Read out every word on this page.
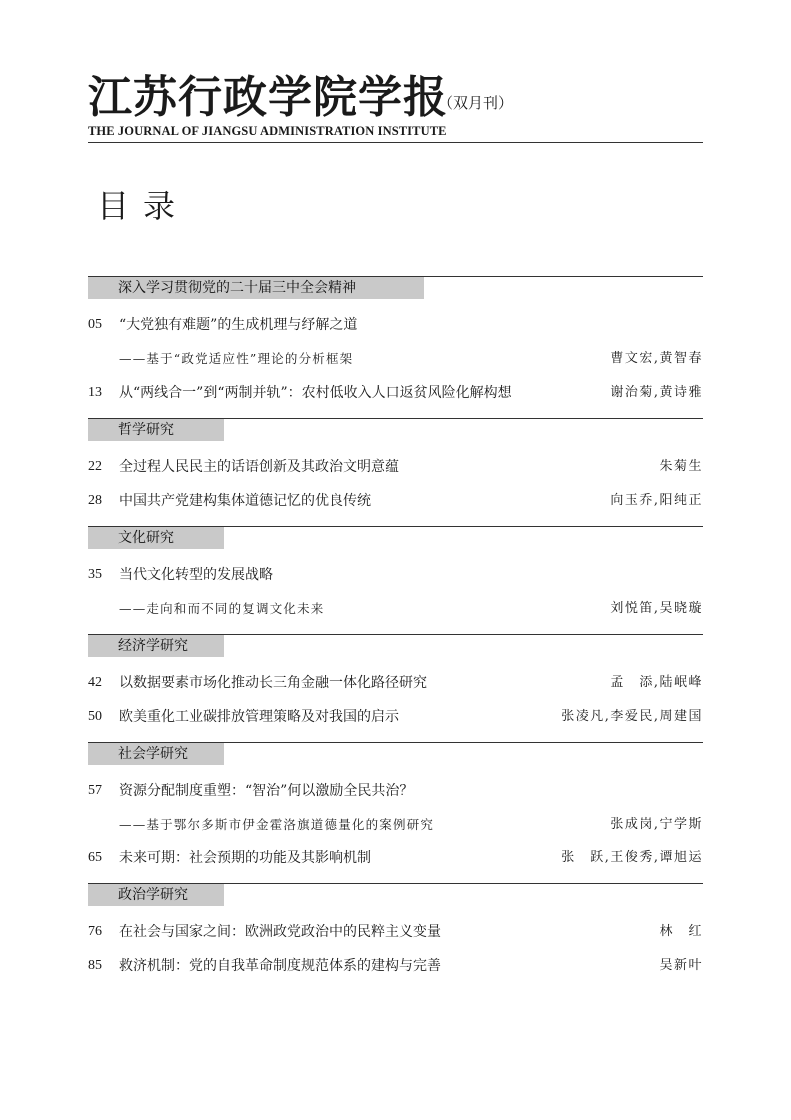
江苏行政学院学报
（双月刊）
THE JOURNAL OF JIANGSU ADMINISTRATION INSTITUTE
目录
深入学习贯彻党的二十届三中全会精神
05	“大党独有难题”的生成机理与纾解之道
——基于“政党适应性”理论的分析框架	曹文宏,黄智春
13	从“两线合一”到“两制并轨”：农村低收入人口返贫风险化解构想	谢治菊,黄诗雅
哲学研究
22	全过程人民民主的话语创新及其政治文明意蕴	朱菊生
28	中国共产党建构集体道德记忆的优良传统	向玉乔,阳纯正
文化研究
35	当代文化转型的发展战略
——走向和而不同的复调文化未来	刘悦笛,吴晓璇
经济学研究
42	以数据要素市场化推动长三角金融一体化路径研究	孟　添,陆岷峰
50	欧美重化工业碳排放管理策略及对我国的启示	张凌凡,李爱民,周建国
社会学研究
57	资源分配制度重塑：“智治”何以激励全民共治？
——基于鄂尔多斯市伊金霍洛旗道德量化的案例研究	张成岗,宁学斯
65	未来可期：社会预期的功能及其影响机制	张　跃,王俊秀,谭旭运
政治学研究
76	在社会与国家之间：欧洲政党政治中的民粹主义变量	林　红
85	救济机制：党的自我革命制度规范体系的建构与完善	吴新叶
